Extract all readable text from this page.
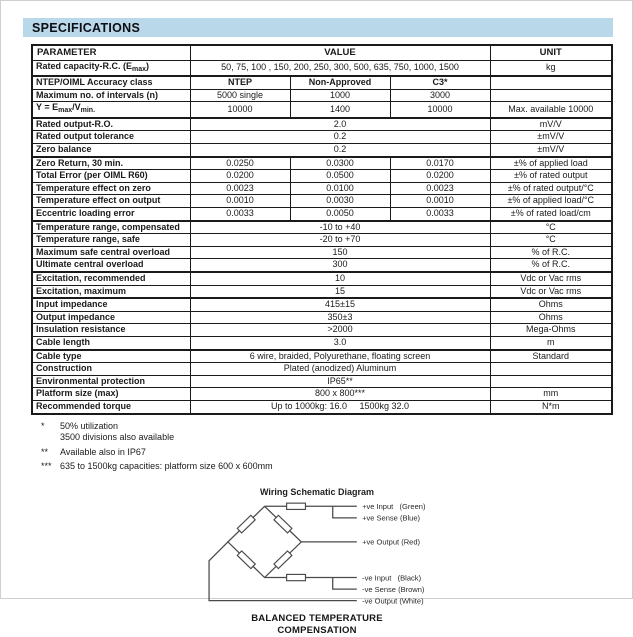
SPECIFICATIONS
PARAMETER	VALUE			UNIT
Rated capacity-R.C. $(E_{max})$	50, 75, 100 , 150, 200, 250, 300, 500, 635, 750, 1000, 1500			kg
NTEP/OIML Accuracy class	NTEP	Non-Approved	C3*	
Maximum no. of intervals (n)	5000 single	1000	3000	
$Y = E_{max}/V_{min.}$	10000	1400	10000	Max. available 10000
Rated output-R.O.	2.0			mV/V
Rated output tolerance	0.2			±mV/V
Zero balance	0.2			±mV/V
Zero Return, 30 min.	0.0250	0.0300	0.0170	±% of applied load
Total Error (per OIML R60)	0.0200	0.0500	0.0200	±% of rated output
Temperature effect on zero	0.0023	0.0100	0.0023	±% of rated output/°C
Temperature effect on output	0.0010	0.0030	0.0010	±% of applied load/°C
Eccentric loading error	0.0033	0.0050	0.0033	±% of rated load/cm
Temperature range, compensated	-10 to +40			°C
Temperature range, safe	-20 to +70			°C
Maximum safe central overload	150			% of R.C.
Ultimate central overload	300			% of R.C.
Excitation, recommended	10			Vdc or Vac rms
Excitation, maximum	15			Vdc or Vac rms
Input impedance	415±15			Ohms
Output impedance	350±3			Ohms
Insulation resistance	>2000			Mega-Ohms
Cable length	3.0			m
Cable type	6 wire, braided, Polyurethane, floating screen			Standard
Construction	Plated (anodized) Aluminum			
Environmental protection	IP65**			
Platform size (max)	800 x 800***			mm
Recommended torque	Up to 1000kg: 16.0     1500kg 32.0			N*m
*	50% utilization
3500 divisions also available
**	Available also in IP67
*** 635 to 1500kg capacities: platform size 600 x 600mm
Wiring Schematic Diagram
+ve Input   (Green)
+ve Sense (Blue)
+ve Output (Red)
-ve Input   (Black)
-ve Sense (Brown)
-ve Output (White)
BALANCED TEMPERATURE
COMPENSATION
